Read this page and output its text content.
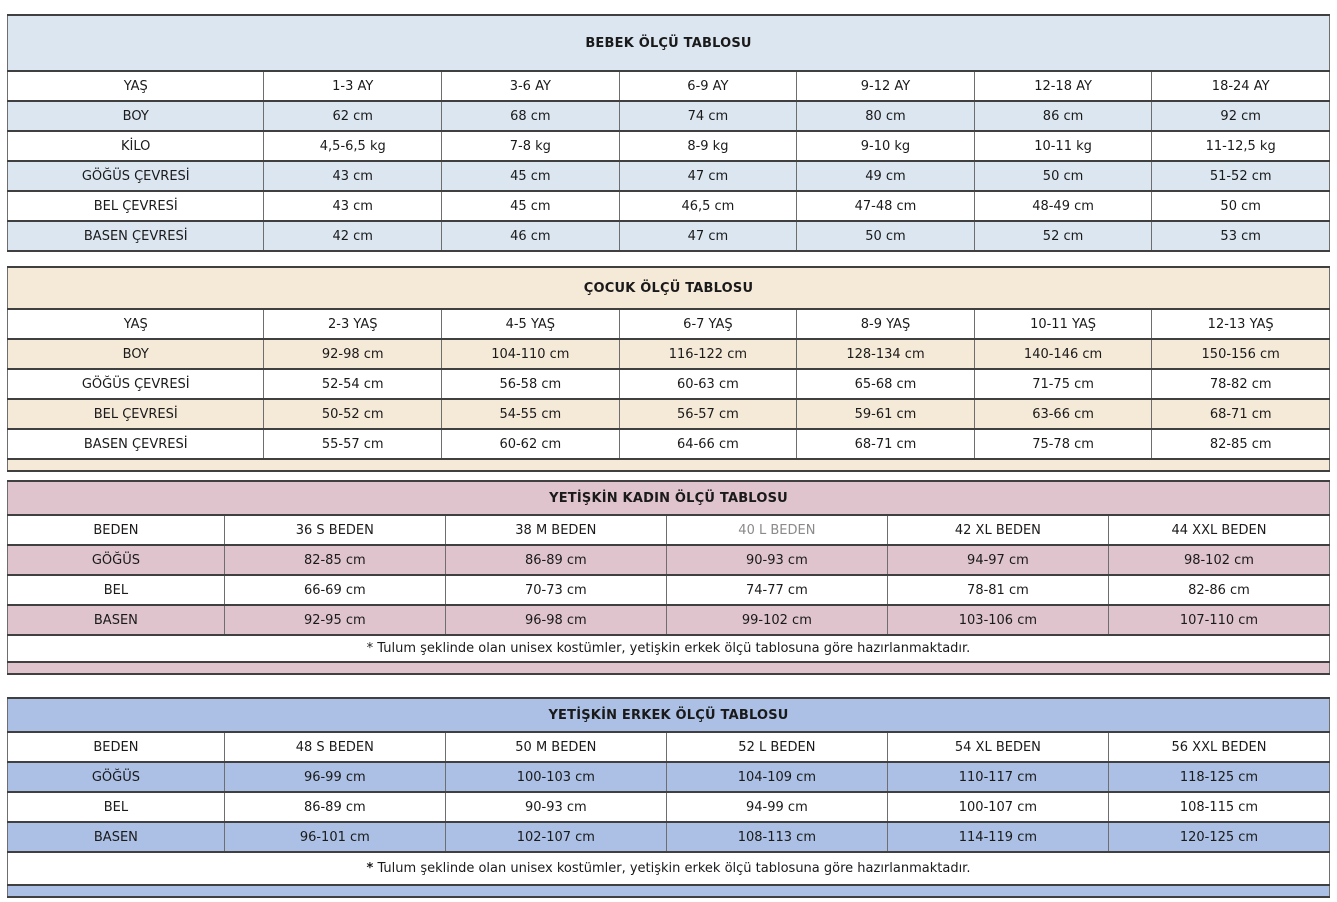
BEBEK ÖLÇÜ TABLOSU						
YAŞ	1-3 AY	3-6 AY	6-9 AY	9-12 AY	12-18 AY	18-24 AY
BOY	62 cm	68 cm	74 cm	80 cm	86 cm	92 cm
KİLO	4,5-6,5 kg	7-8 kg	8-9 kg	9-10 kg	10-11 kg	11-12,5 kg
GÖĞÜS ÇEVRESİ	43 cm	45 cm	47 cm	49 cm	50 cm	51-52 cm
BEL ÇEVRESİ	43 cm	45 cm	46,5 cm	47-48 cm	48-49 cm	50 cm
BASEN ÇEVRESİ	42 cm	46 cm	47 cm	50 cm	52 cm	53 cm
ÇOCUK ÖLÇÜ TABLOSU						
YAŞ	2-3 YAŞ	4-5 YAŞ	6-7 YAŞ	8-9 YAŞ	10-11 YAŞ	12-13 YAŞ
BOY	92-98 cm	104-110 cm	116-122 cm	128-134 cm	140-146 cm	150-156 cm
GÖĞÜS ÇEVRESİ	52-54 cm	56-58 cm	60-63 cm	65-68 cm	71-75 cm	78-82 cm
BEL ÇEVRESİ	50-52 cm	54-55 cm	56-57 cm	59-61 cm	63-66 cm	68-71 cm
BASEN ÇEVRESİ	55-57 cm	60-62 cm	64-66 cm	68-71 cm	75-78 cm	82-85 cm

YETİŞKİN KADIN ÖLÇÜ TABLOSU					
BEDEN	36 S BEDEN	38 M BEDEN	40 L BEDEN	42 XL BEDEN	44 XXL BEDEN
GÖĞÜS	82-85 cm	86-89 cm	90-93 cm	94-97 cm	98-102 cm
BEL	66-69 cm	70-73 cm	74-77 cm	78-81 cm	82-86 cm
BASEN	92-95 cm	96-98 cm	99-102 cm	103-106 cm	107-110 cm
* Tulum şeklinde olan unisex kostümler, yetişkin erkek ölçü tablosuna göre hazırlanmaktadır.					

YETİŞKİN ERKEK ÖLÇÜ TABLOSU					
BEDEN	48 S BEDEN	50 M BEDEN	52 L BEDEN	54 XL BEDEN	56 XXL BEDEN
GÖĞÜS	96-99 cm	100-103 cm	104-109 cm	110-117 cm	118-125 cm
BEL	86-89 cm	90-93 cm	94-99 cm	100-107 cm	108-115 cm
BASEN	96-101 cm	102-107 cm	108-113 cm	114-119 cm	120-125 cm
* Tulum şeklinde olan unisex kostümler, yetişkin erkek ölçü tablosuna göre hazırlanmaktadır.					
